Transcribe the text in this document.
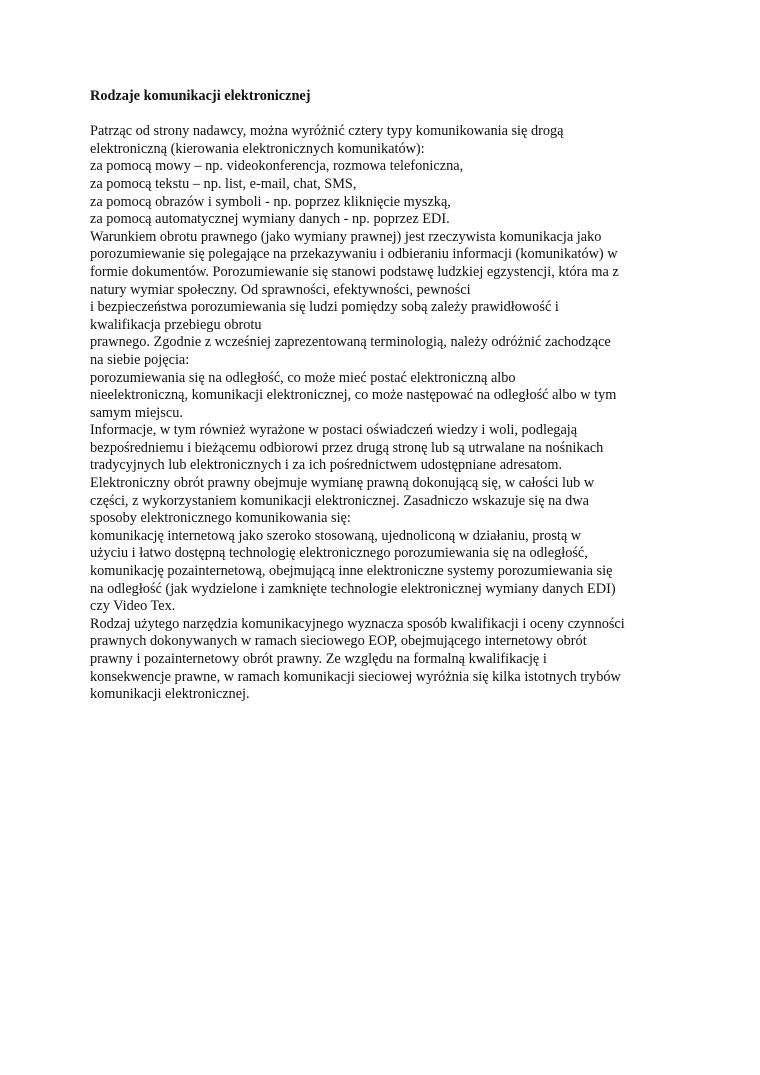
Rodzaje komunikacji elektronicznej
Patrząc od strony nadawcy, można wyróżnić cztery typy komunikowania się drogą
elektroniczną (kierowania elektronicznych komunikatów):
za pomocą mowy – np. videokonferencja, rozmowa telefoniczna,
za pomocą tekstu – np. list, e-mail, chat, SMS,
za pomocą obrazów i symboli - np. poprzez kliknięcie myszką,
za pomocą automatycznej wymiany danych - np. poprzez EDI.
Warunkiem obrotu prawnego (jako wymiany prawnej) jest rzeczywista komunikacja jako
porozumiewanie się polegające na przekazywaniu i odbieraniu informacji (komunikatów) w
formie dokumentów. Porozumiewanie się stanowi podstawę ludzkiej egzystencji, która ma z
natury wymiar społeczny. Od sprawności, efektywności, pewności
i bezpieczeństwa porozumiewania się ludzi pomiędzy sobą zależy prawidłowość i
kwalifikacja przebiegu obrotu
prawnego. Zgodnie z wcześniej zaprezentowaną terminologią, należy odróżnić zachodzące
na siebie pojęcia:
porozumiewania się na odległość, co może mieć postać elektroniczną albo
nieelektroniczną, komunikacji elektronicznej, co może następować na odległość albo w tym
samym miejscu.
Informacje, w tym również wyrażone w postaci oświadczeń wiedzy i woli, podlegają
bezpośredniemu i bieżącemu odbiorowi przez drugą stronę lub są utrwalane na nośnikach
tradycyjnych lub elektronicznych i za ich pośrednictwem udostępniane adresatom.
Elektroniczny obrót prawny obejmuje wymianę prawną dokonującą się, w całości lub w
części, z wykorzystaniem komunikacji elektronicznej. Zasadniczo wskazuje się na dwa
sposoby elektronicznego komunikowania się:
komunikację internetową jako szeroko stosowaną, ujednoliconą w działaniu, prostą w
użyciu i łatwo dostępną technologię elektronicznego porozumiewania się na odległość,
komunikację pozainternetową, obejmującą inne elektroniczne systemy porozumiewania się
na odległość (jak wydzielone i zamknięte technologie elektronicznej wymiany danych EDI)
czy Video Tex.
Rodzaj użytego narzędzia komunikacyjnego wyznacza sposób kwalifikacji i oceny czynności
prawnych dokonywanych w ramach sieciowego EOP, obejmującego internetowy obrót
prawny i pozainternetowy obrót prawny. Ze względu na formalną kwalifikację i
konsekwencje prawne, w ramach komunikacji sieciowej wyróżnia się kilka istotnych trybów
komunikacji elektronicznej.
